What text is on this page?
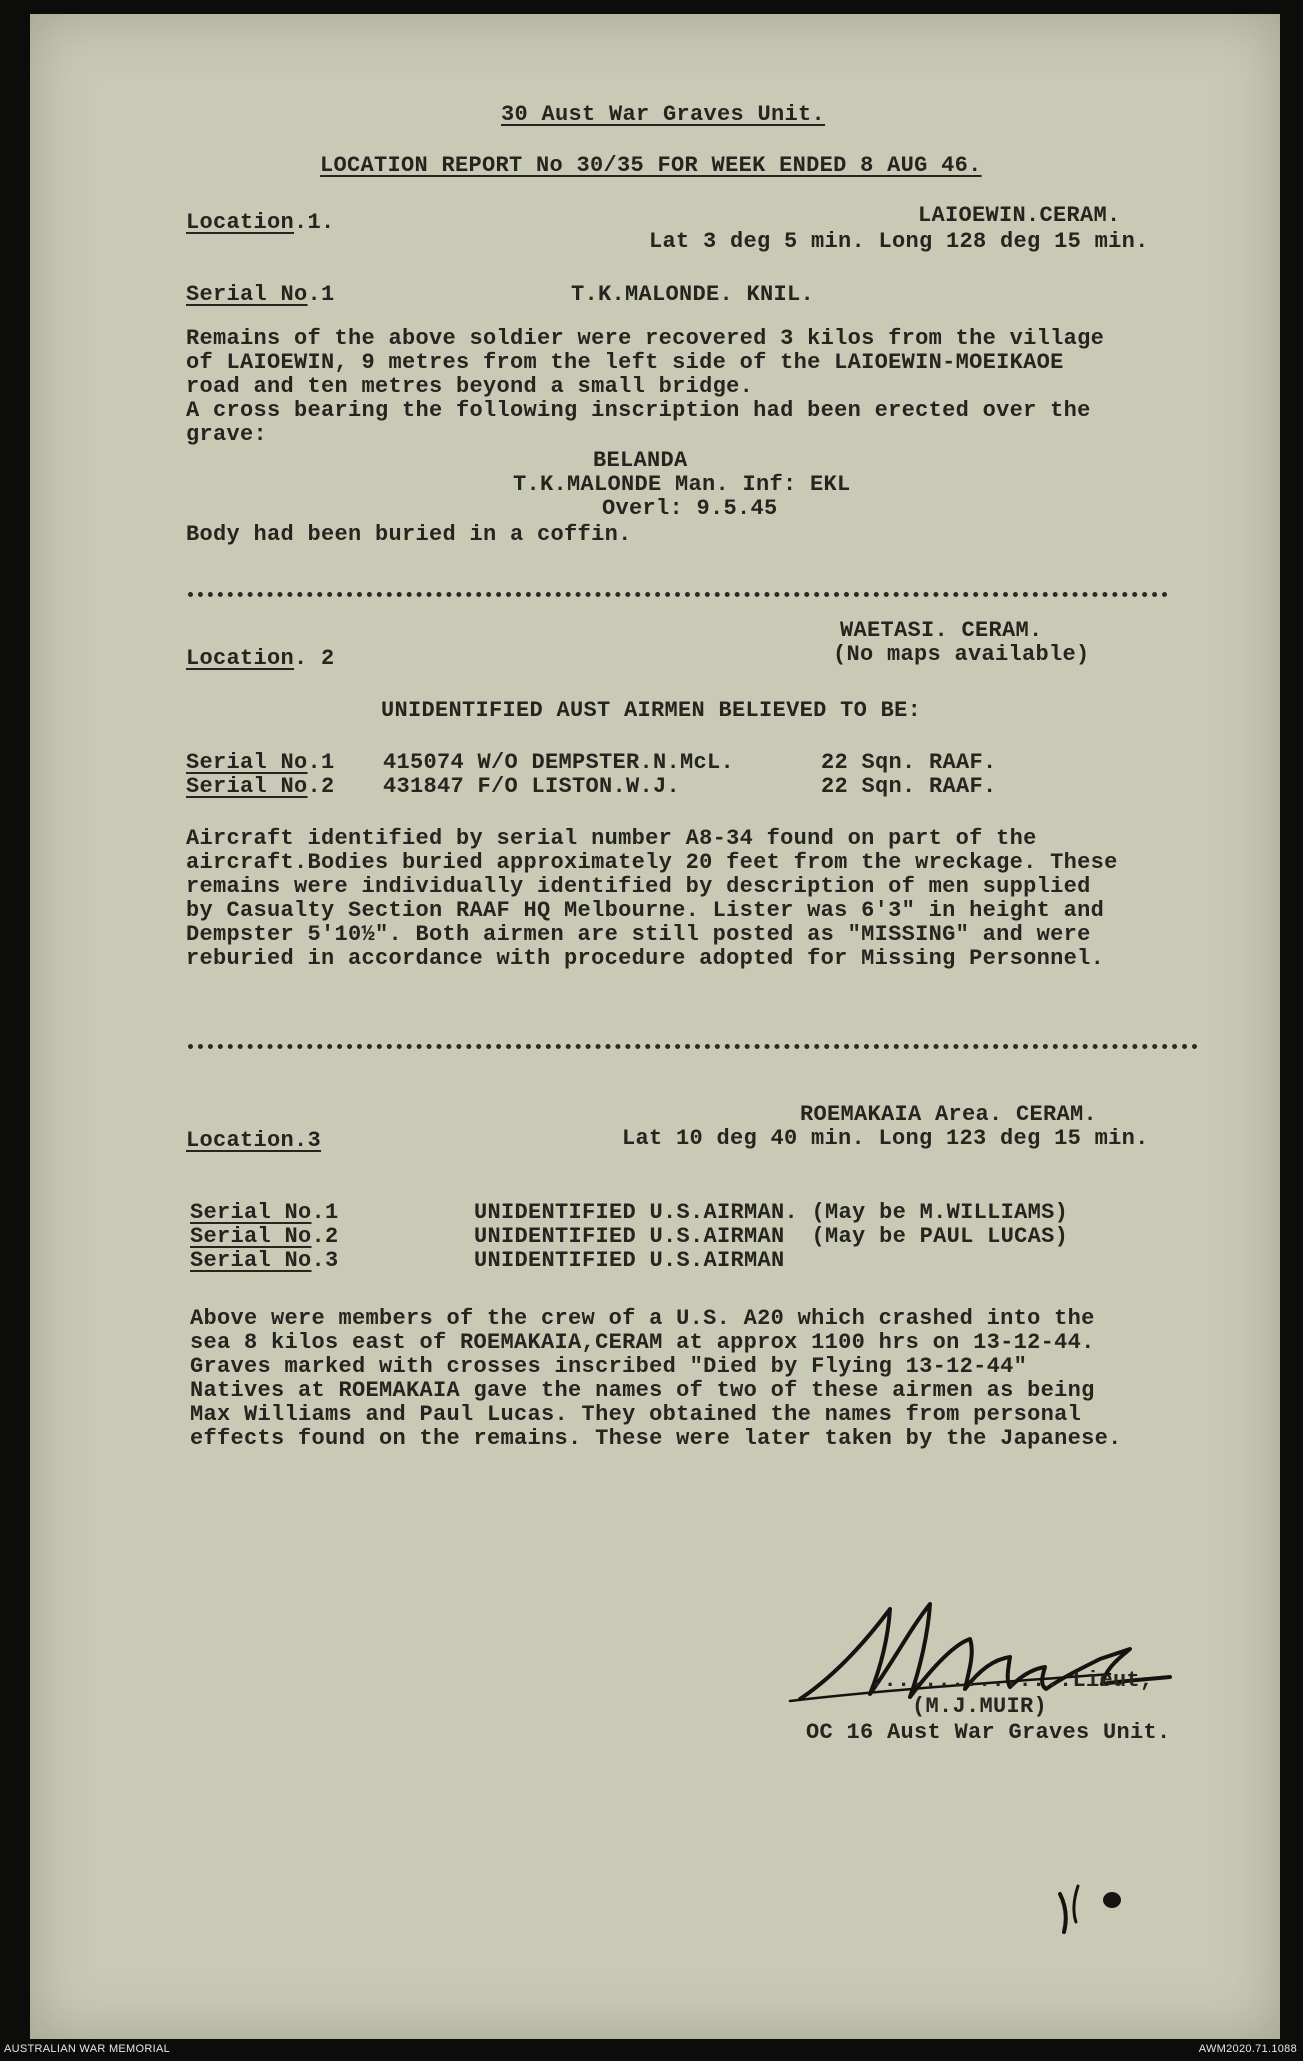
30 Aust War Graves Unit.
LOCATION REPORT No 30/35 FOR WEEK ENDED 8 AUG 46.
Location.1.	LAIOEWIN.CERAM.
Lat 3 deg 5 min. Long 128 deg 15 min.
Serial No.1	T.K.MALONDE. KNIL.
Remains of the above soldier were recovered 3 kilos from the village
of LAIOEWIN, 9 metres from the left side of the LAIOEWIN-MOEIKAOE
road and ten metres beyond a small bridge.
A cross bearing the following inscription had been erected over the
grave:
BELANDA
T.K.MALONDE Man. Inf: EKL
Overl: 9.5.45
Body had been buried in a coffin.
WAETASI. CERAM.
(No maps available)
Location. 2
UNIDENTIFIED AUST AIRMEN BELIEVED TO BE:
Serial No.1 415074 W/O DEMPSTER.N.McL.	22 Sqn. RAAF.
Serial No.2 431847 F/O LISTON.W.J.	22 Sqn. RAAF.
Aircraft identified by serial number A8-34 found on part of the
aircraft.Bodies buried approximately 20 feet from the wreckage. These
remains were individually identified by description of men supplied
by Casualty Section RAAF HQ Melbourne. Lister was 6'3" in height and
Dempster 5'10½". Both airmen are still posted as "MISSING" and were
reburied in accordance with procedure adopted for Missing Personnel.
ROEMAKAIA Area. CERAM.
Lat 10 deg 40 min. Long 123 deg 15 min.
Location.3
Serial No.1	UNIDENTIFIED U.S.AIRMAN. (May be M.WILLIAMS)
Serial No.2	UNIDENTIFIED U.S.AIRMAN  (May be PAUL LUCAS)
Serial No.3	UNIDENTIFIED U.S.AIRMAN
Above were members of the crew of a U.S. A20 which crashed into the
sea 8 kilos east of ROEMAKAIA,CERAM at approx 1100 hrs on 13-12-44.
Graves marked with crosses inscribed "Died by Flying 13-12-44"
Natives at ROEMAKAIA gave the names of two of these airmen as being
Max Williams and Paul Lucas. They obtained the names from personal
effects found on the remains. These were later taken by the Japanese.
M Muir
...............Lieut,
(M.J.MUIR)
OC 16 Aust War Graves Unit.
AUSTRALIAN WAR MEMORIAL	AWM2020.71.1088
